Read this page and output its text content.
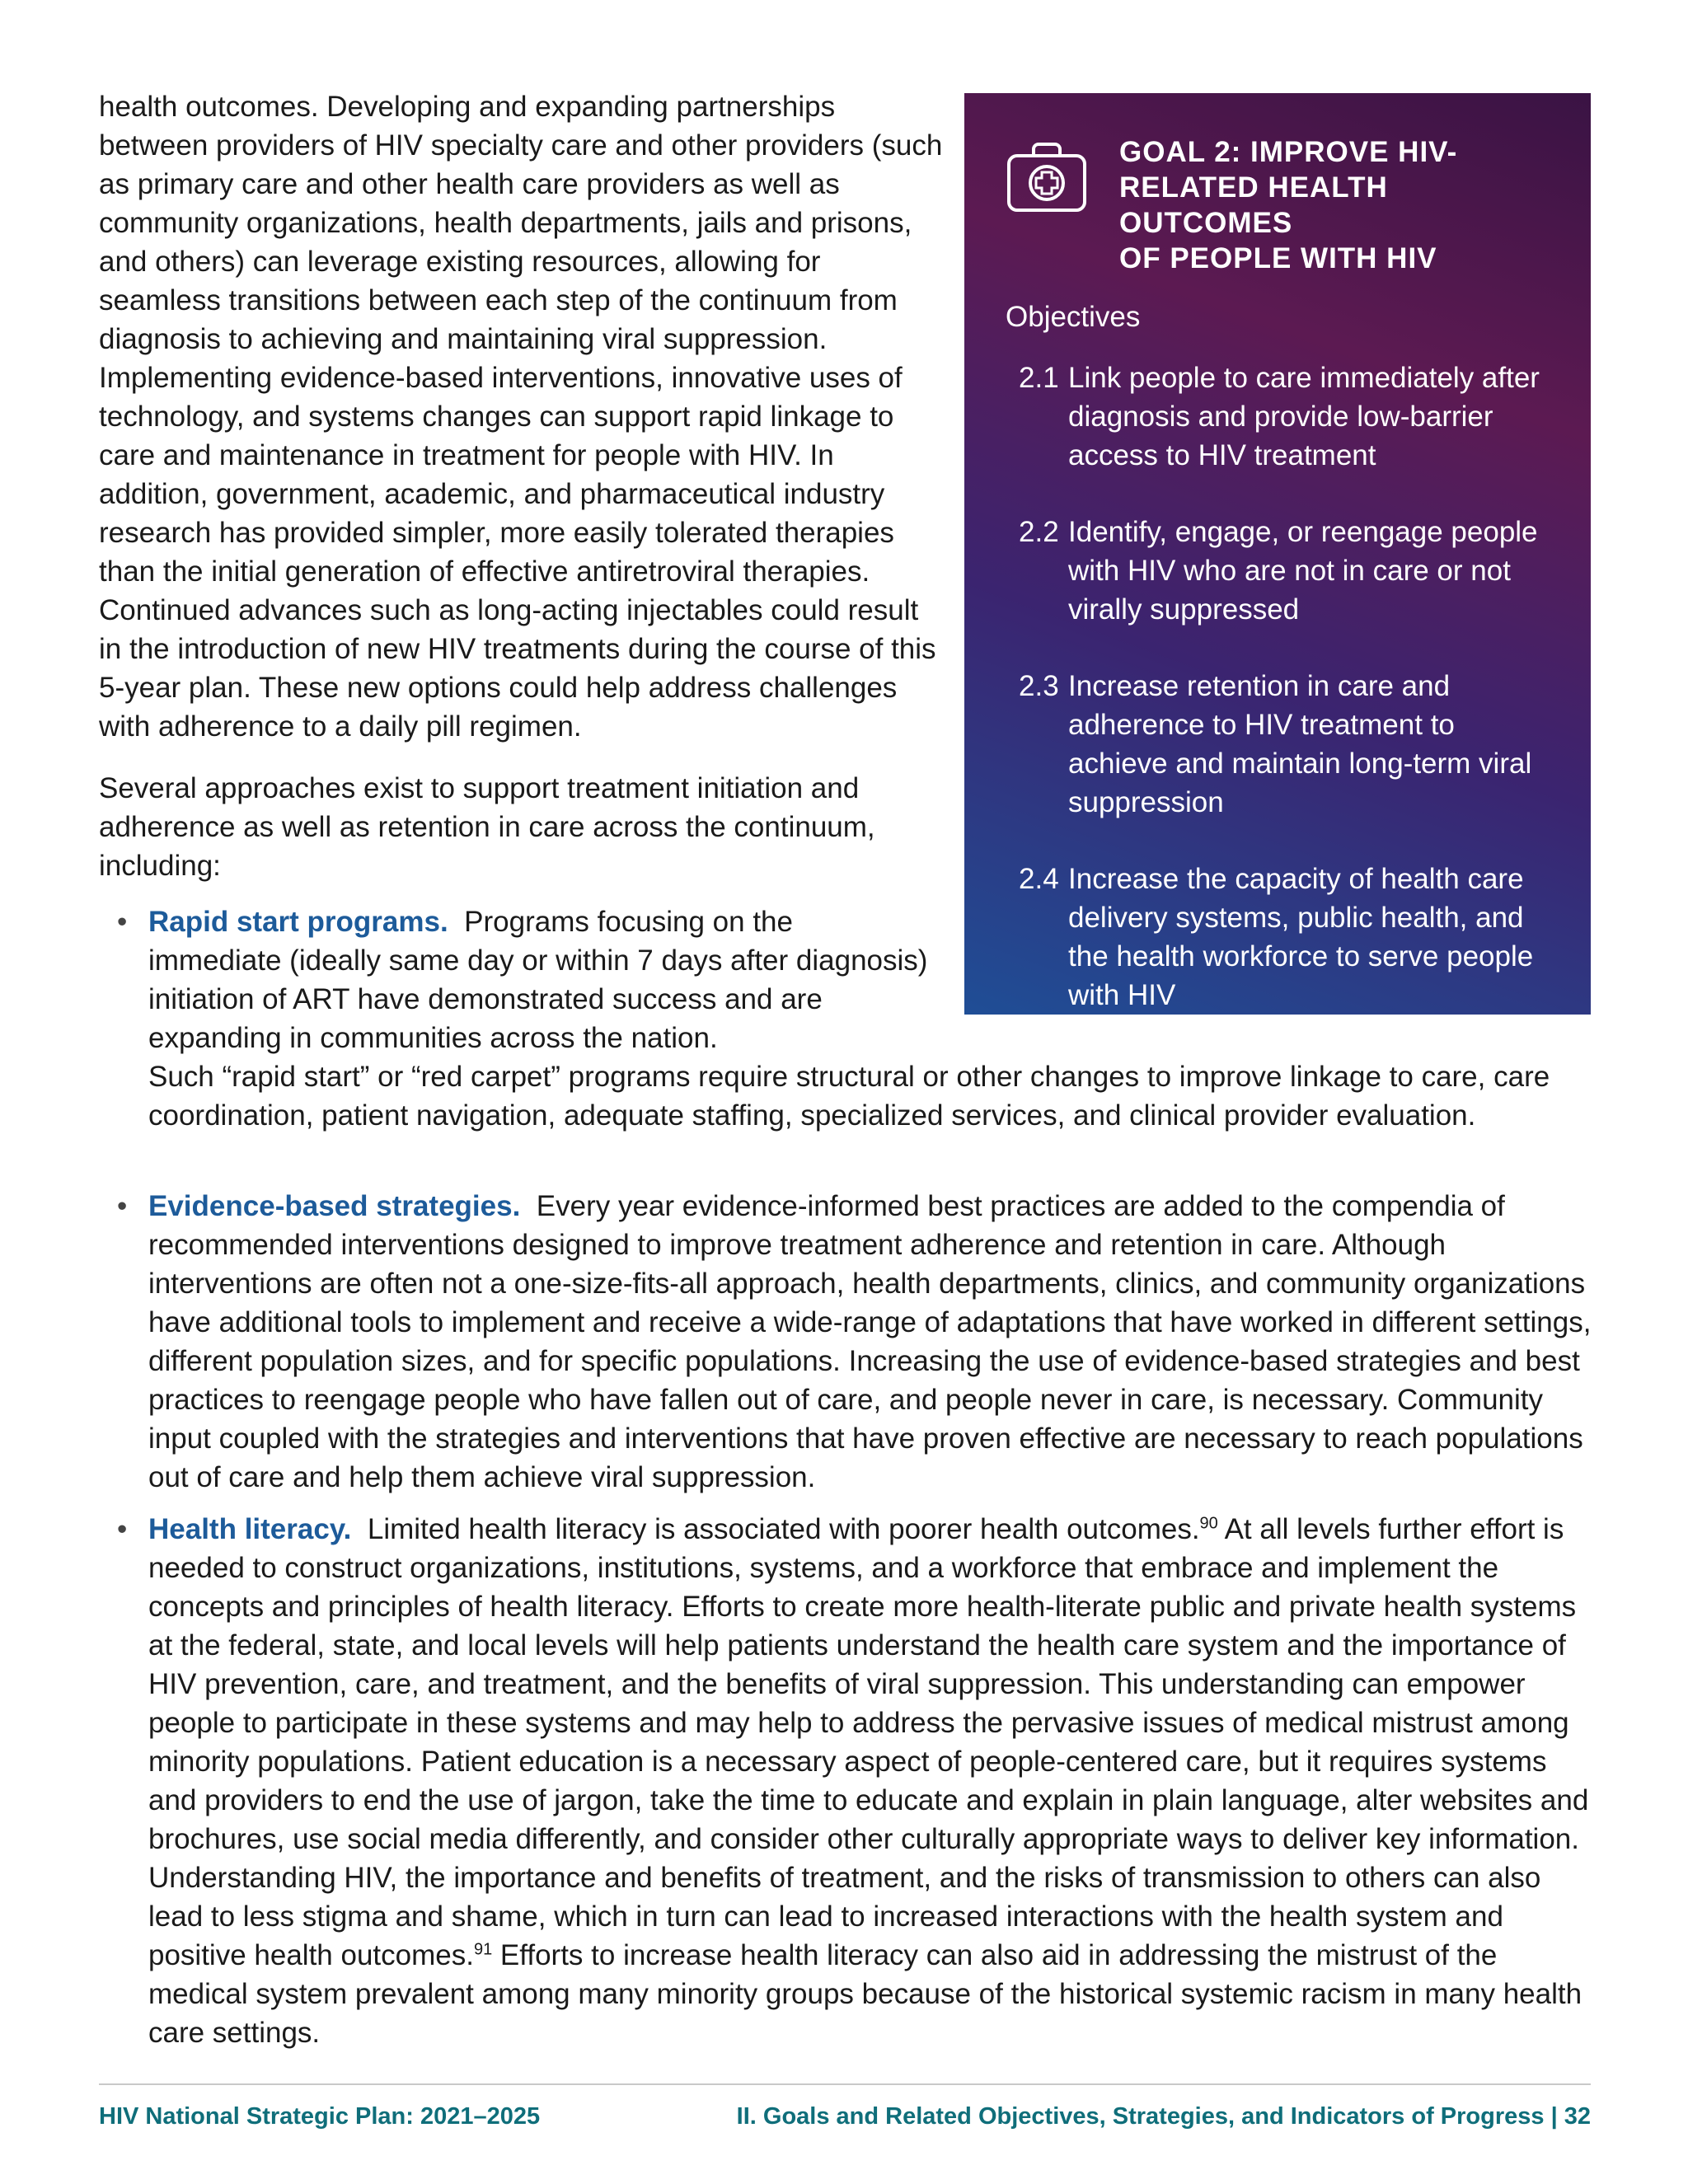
GOAL 2: IMPROVE HIV-
RELATED HEALTH OUTCOMES
OF PEOPLE WITH HIV
Objectives
2.1 Link people to care immediately after diagnosis and provide low-barrier access to HIV treatment
2.2 Identify, engage, or reengage people with HIV who are not in care or not virally suppressed
2.3 Increase retention in care and adherence to HIV treatment to achieve and maintain long-term viral suppression
2.4 Increase the capacity of health care delivery systems, public health, and the health workforce to serve people with HIV

health outcomes. Developing and expanding partnerships between providers of HIV specialty care and other providers (such as primary care and other health care providers as well as community organizations, health departments, jails and prisons, and others) can leverage existing resources, allowing for seamless transitions between each step of the continuum from diagnosis to achieving and maintaining viral suppression. Implementing evidence-based interventions, innovative uses of technology, and systems changes can support rapid linkage to care and maintenance in treatment for people with HIV. In addition, government, academic, and pharmaceutical industry research has provided simpler, more easily tolerated therapies than the initial generation of effective antiretroviral therapies. Continued advances such as long-acting injectables could result in the introduction of new HIV treatments during the course of this 5-year plan. These new options could help address challenges with adherence to a daily pill regimen.

Several approaches exist to support treatment initiation and adherence as well as retention in care across the continuum, including:

• Rapid start programs. Programs focusing on the immediate (ideally same day or within 7 days after diagnosis) initiation of ART have demonstrated success and are expanding in communities across the nation.
Such “rapid start” or “red carpet” programs require structural or other changes to improve linkage to care, care coordination, patient navigation, adequate staffing, specialized services, and clinical provider evaluation.
• Evidence-based strategies. Every year evidence-informed best practices are added to the compendia of recommended interventions designed to improve treatment adherence and retention in care. Although interventions are often not a one-size-fits-all approach, health departments, clinics, and community organizations have additional tools to implement and receive a wide-range of adaptations that have worked in different settings, different population sizes, and for specific populations. Increasing the use of evidence-based strategies and best practices to reengage people who have fallen out of care, and people never in care, is necessary. Community input coupled with the strategies and interventions that have proven effective are necessary to reach populations out of care and help them achieve viral suppression.
• Health literacy. Limited health literacy is associated with poorer health outcomes.$^{90}$ At all levels further effort is needed to construct organizations, institutions, systems, and a workforce that embrace and implement the concepts and principles of health literacy. Efforts to create more health-literate public and private health systems at the federal, state, and local levels will help patients understand the health care system and the importance of HIV prevention, care, and treatment, and the benefits of viral suppression. This understanding can empower people to participate in these systems and may help to address the pervasive issues of medical mistrust among minority populations. Patient education is a necessary aspect of people-centered care, but it requires systems and providers to end the use of jargon, take the time to educate and explain in plain language, alter websites and brochures, use social media differently, and consider other culturally appropriate ways to deliver key information. Understanding HIV, the importance and benefits of treatment, and the risks of transmission to others can also lead to less stigma and shame, which in turn can lead to increased interactions with the health system and positive health outcomes.$^{91}$ Efforts to increase health literacy can also aid in addressing the mistrust of the medical system prevalent among many minority groups because of the historical systemic racism in many health care settings.
HIV National Strategic Plan: 2021–2025	II. Goals and Related Objectives, Strategies, and Indicators of Progress | 32
